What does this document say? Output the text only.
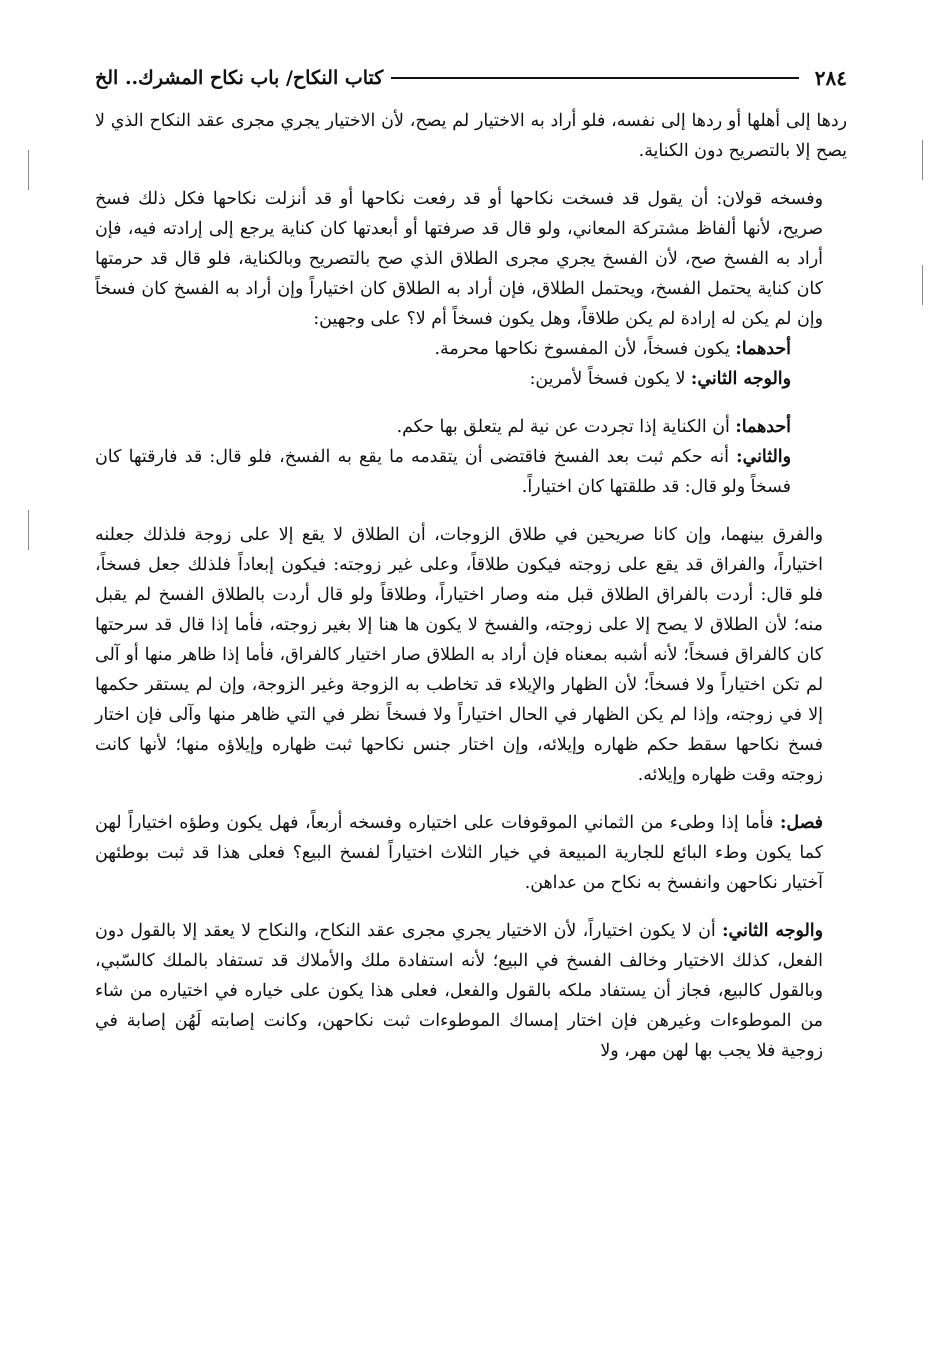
٢٨٤
كتاب النكاح/ باب نكاح المشرك.. الخ

ردها إلى أهلها أو ردها إلى نفسه، فلو أراد به الاختيار لم يصح، لأن الاختيار يجري مجرى عقد النكاح الذي لا يصح إلا بالتصريح دون الكناية.

وفسخه قولان: أن يقول قد فسخت نكاحها أو قد رفعت نكاحها أو قد أنزلت نكاحها فكل ذلك فسخ صريح، لأنها ألفاظ مشتركة المعاني، ولو قال قد صرفتها أو أبعدتها كان كناية يرجع إلى إرادته فيه، فإن أراد به الفسخ صح، لأن الفسخ يجري مجرى الطلاق الذي صح بالتصريح وبالكناية، فلو قال قد حرمتها كان كناية يحتمل الفسخ، ويحتمل الطلاق، فإن أراد به الطلاق كان اختياراً وإن أراد به الفسخ كان فسخاً وإن لم يكن له إرادة لم يكن طلاقاً، وهل يكون فسخاً أم لا؟ على وجهين:

أحدهما: يكون فسخاً، لأن المفسوخ نكاحها محرمة.

والوجه الثاني: لا يكون فسخاً لأمرين:

أحدهما: أن الكناية إذا تجردت عن نية لم يتعلق بها حكم.

والثاني: أنه حكم ثبت بعد الفسخ فاقتضى أن يتقدمه ما يقع به الفسخ، فلو قال: قد فارقتها كان فسخاً ولو قال: قد طلقتها كان اختياراً.

والفرق بينهما، وإن كانا صريحين في طلاق الزوجات، أن الطلاق لا يقع إلا على زوجة فلذلك جعلنه اختياراً، والفراق قد يقع على زوجته فيكون طلاقاً، وعلى غير زوجته: فيكون إبعاداً فلذلك جعل فسخاً، فلو قال: أردت بالفراق الطلاق قبل منه وصار اختياراً، وطلاقاً ولو قال أردت بالطلاق الفسخ لم يقبل منه؛ لأن الطلاق لا يصح إلا على زوجته، والفسخ لا يكون ها هنا إلا بغير زوجته، فأما إذا قال قد سرحتها كان كالفراق فسخاً؛ لأنه أشبه بمعناه فإن أراد به الطلاق صار اختيار كالفراق، فأما إذا ظاهر منها أو آلى لم تكن اختياراً ولا فسخاً؛ لأن الظهار والإيلاء قد تخاطب به الزوجة وغير الزوجة، وإن لم يستقر حكمها إلا في زوجته، وإذا لم يكن الظهار في الحال اختياراً ولا فسخاً نظر في التي ظاهر منها وآلى فإن اختار فسخ نكاحها سقط حكم ظهاره وإيلائه، وإن اختار جنس نكاحها ثبت ظهاره وإيلاؤه منها؛ لأنها كانت زوجته وقت ظهاره وإيلائه.

فصل: فأما إذا وطىء من الثماني الموقوفات على اختياره وفسخه أربعاً، فهل يكون وطؤه اختياراً لهن كما يكون وطء البائع للجارية المبيعة في خيار الثلاث اختياراً لفسخ البيع؟ فعلى هذا قد ثبت بوطئهن آختيار نكاحهن وانفسخ به نكاح من عداهن.

والوجه الثاني: أن لا يكون اختياراً، لأن الاختيار يجري مجرى عقد النكاح، والنكاح لا يعقد إلا بالقول دون الفعل، كذلك الاختيار وخالف الفسخ في البيع؛ لأنه استفادة ملك والأملاك قد تستفاد بالملك كالسّبي، وبالقول كالبيع، فجاز أن يستفاد ملكه بالقول والفعل، فعلى هذا يكون على خياره في اختياره من شاء من الموطوءات وغيرهن فإن اختار إمساك الموطوءات ثبت نكاحهن، وكانت إصابته لَهُن إصابة في زوجية فلا يجب بها لهن مهر، ولا
